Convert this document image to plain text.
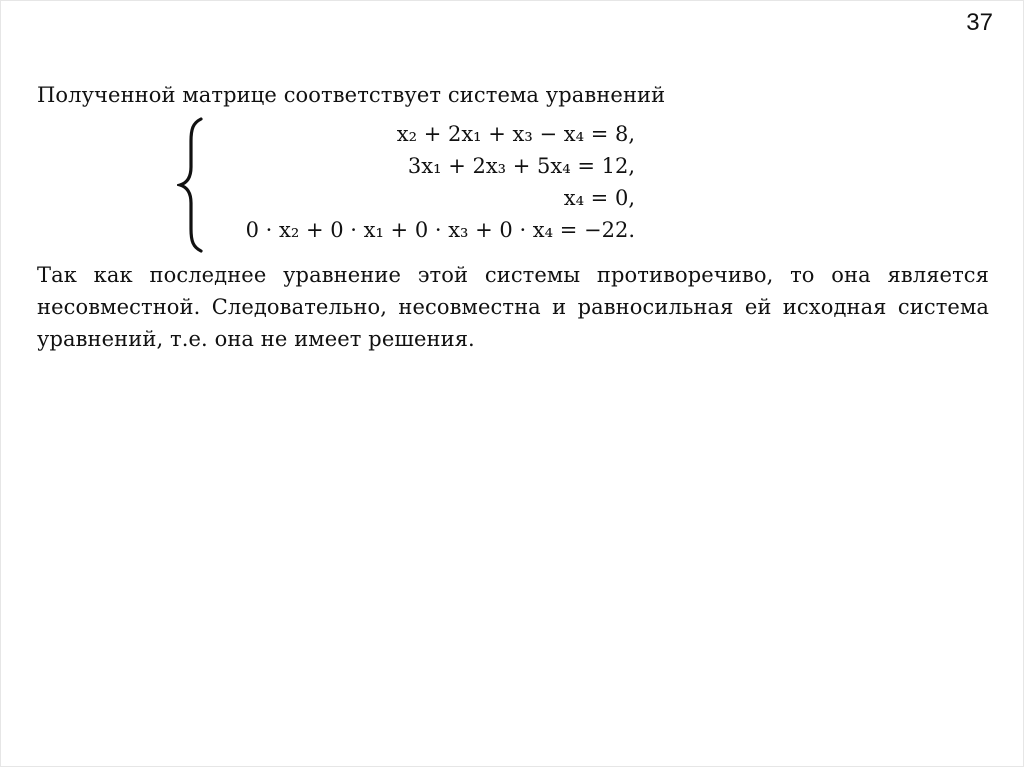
37
Полученной матрице соответствует система уравнений
x₂ + 2x₁ + x₃ − x₄ = 8,
3x₁ + 2x₃ + 5x₄ = 12,
x₄ = 0,
0 · x₂ + 0 · x₁ + 0 · x₃ + 0 · x₄ = −22.
Так как последнее уравнение этой системы противоречиво, то она является несовместной. Следовательно, несовместна и равносильная ей исходная система уравнений, т.е. она не имеет решения.
